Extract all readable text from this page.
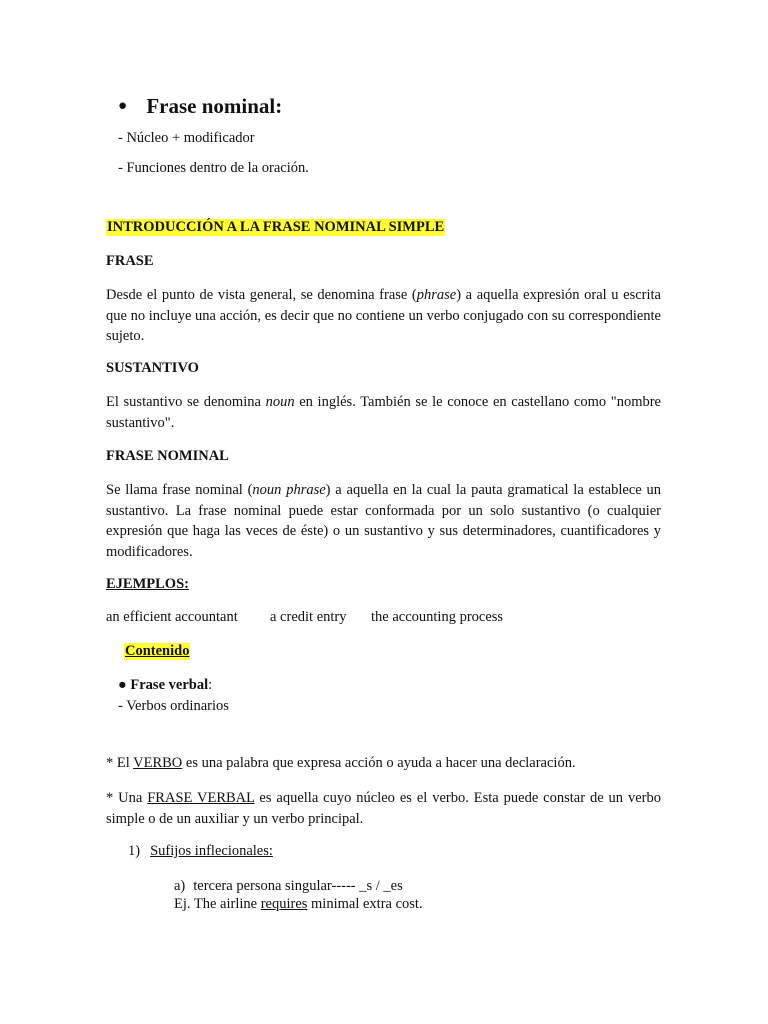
● Frase nominal:
- Núcleo + modificador
- Funciones dentro de la oración.
INTRODUCCIÓN A LA FRASE NOMINAL SIMPLE
FRASE
Desde el punto de vista general, se denomina frase (phrase) a aquella expresión oral u escrita que no incluye una acción, es decir que no contiene un verbo conjugado con su correspondiente sujeto.
SUSTANTIVO
El sustantivo se denomina noun en inglés. También se le conoce en castellano como "nombre sustantivo".
FRASE NOMINAL
Se llama frase nominal (noun phrase) a aquella en la cual la pauta gramatical la establece un sustantivo. La frase nominal puede estar conformada por un solo sustantivo (o cualquier expresión que haga las veces de éste) o un sustantivo y sus determinadores, cuantificadores y modificadores.
EJEMPLOS:
an efficient accountant a credit entry the accounting process
Contenido
● Frase verbal:
- Verbos ordinarios
* El VERBO es una palabra que expresa acción o ayuda a hacer una declaración.
* Una FRASE VERBAL es aquella cuyo núcleo es el verbo. Esta puede constar de un verbo simple o de un auxiliar y un verbo principal.
1) Sufijos inflecionales:
a) tercera persona singular----- _s / _es
Ej. The airline requires minimal extra cost.
